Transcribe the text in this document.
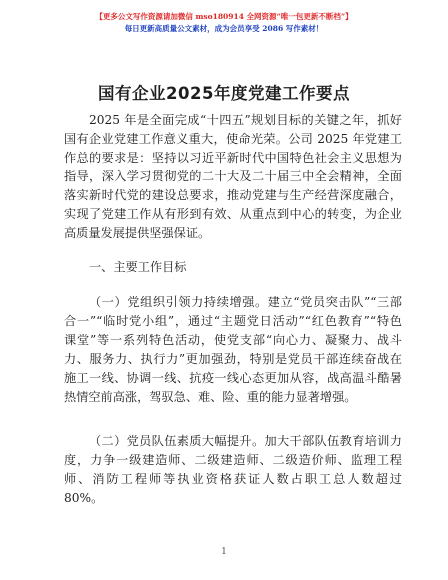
【更多公文写作资源请加微信 mso180914 全网资源“唯一包更新不断档”】
每日更新高质量公文素材，成为会员享受 2086 写作素材！
国有企业2025年度党建工作要点
2025 年是全面完成“十四五”规划目标的关键之年，抓好
国有企业党建工作意义重大，使命光荣。公司 2025 年党建工
作总的要求是：坚持以习近平新时代中国特色社会主义思想为
指导，深入学习贯彻党的二十大及二十届三中全会精神，全面
落实新时代党的建设总要求，推动党建与生产经营深度融合，
实现了党建工作从有形到有效、从重点到中心的转变，为企业
高质量发展提供坚强保证。
一、主要工作目标
（一）党组织引领力持续增强。建立“党员突击队”“三部
合一”“临时党小组”，通过“主题党日活动”“红色教育”“特色
课堂”等一系列特色活动，使党支部“向心力、凝聚力、战斗
力、服务力、执行力”更加强劲，特别是党员干部连续奋战在
施工一线、协调一线、抗疫一线心态更加从容，战高温斗酷暑
热情空前高涨，驾驭急、难、险、重的能力显著增强。
（二）党员队伍素质大幅提升。加大干部队伍教育培训力
度，力争一级建造师、二级建造师、二级造价师、监理工程
师、消防工程师等执业资格获证人数占职工总人数超过
80%。
1
